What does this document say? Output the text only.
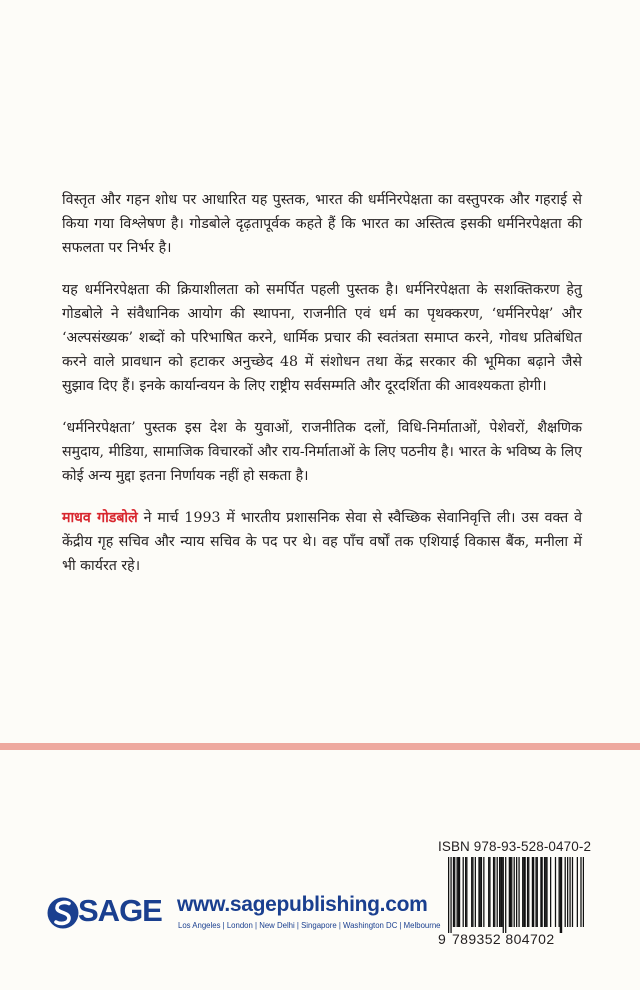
विस्तृत और गहन शोध पर आधारित यह पुस्तक, भारत की धर्मनिरपेक्षता का वस्तुपरक और गहराई से किया गया विश्लेषण है। गोडबोले दृढ़तापूर्वक कहते हैं कि भारत का अस्तित्व इसकी धर्मनिरपेक्षता की सफलता पर निर्भर है।

यह धर्मनिरपेक्षता की क्रियाशीलता को समर्पित पहली पुस्तक है। धर्मनिरपेक्षता के सशक्तिकरण हेतु गोडबोले ने संवैधानिक आयोग की स्थापना, राजनीति एवं धर्म का पृथक्करण, ‘धर्मनिरपेक्ष’ और ‘अल्पसंख्यक’ शब्दों को परिभाषित करने, धार्मिक प्रचार की स्वतंत्रता समाप्त करने, गोवध प्रतिबंधित करने वाले प्रावधान को हटाकर अनुच्छेद 48 में संशोधन तथा केंद्र सरकार की भूमिका बढ़ाने जैसे सुझाव दिए हैं। इनके कार्यान्वयन के लिए राष्ट्रीय सर्वसम्मति और दूरदर्शिता की आवश्यकता होगी।

‘धर्मनिरपेक्षता’ पुस्तक इस देश के युवाओं, राजनीतिक दलों, विधि-निर्माताओं, पेशेवरों, शैक्षणिक समुदाय, मीडिया, सामाजिक विचारकों और राय-निर्माताओं के लिए पठनीय है। भारत के भविष्य के लिए कोई अन्य मुद्दा इतना निर्णायक नहीं हो सकता है।

माधव गोडबोले ने मार्च 1993 में भारतीय प्रशासनिक सेवा से स्वैच्छिक सेवानिवृत्ति ली। उस वक्त वे केंद्रीय गृह सचिव और न्याय सचिव के पद पर थे। वह पाँच वर्षों तक एशियाई विकास बैंक, मनीला में भी कार्यरत रहे।

ISBN 978-93-528-0470-2
9 789352 804702
SAGE www.sagepublishing.com
Los Angeles | London | New Delhi | Singapore | Washington DC | Melbourne
